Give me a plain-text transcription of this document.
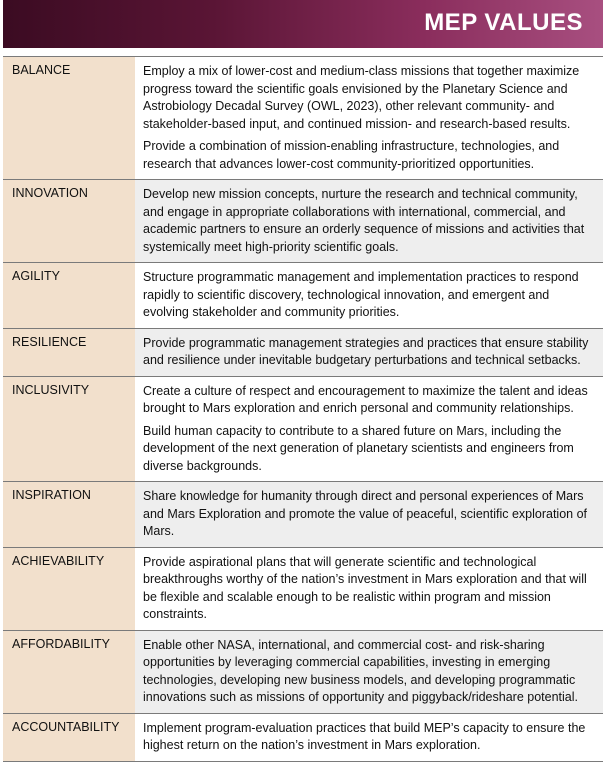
MEP VALUES
BALANCE	Employ a mix of lower-cost and medium-class missions that together maximize progress toward the scientific goals envisioned by the Planetary Science and Astrobiology Decadal Survey (OWL, 2023), other relevant community- and stakeholder-based input, and continued mission- and research-based results.

Provide a combination of mission-enabling infrastructure, technologies, and research that advances lower-cost community-prioritized opportunities.

INNOVATION	Develop new mission concepts, nurture the research and technical community, and engage in appropriate collaborations with international, commercial, and academic partners to ensure an orderly sequence of missions and activities that systemically meet high-priority scientific goals.

AGILITY	Structure programmatic management and implementation practices to respond rapidly to scientific discovery, technological innovation, and emergent and evolving stakeholder and community priorities.

RESILIENCE	Provide programmatic management strategies and practices that ensure stability and resilience under inevitable budgetary perturbations and technical setbacks.

INCLUSIVITY	Create a culture of respect and encouragement to maximize the talent and ideas brought to Mars exploration and enrich personal and community relationships.

Build human capacity to contribute to a shared future on Mars, including the development of the next generation of planetary scientists and engineers from diverse backgrounds.

INSPIRATION	Share knowledge for humanity through direct and personal experiences of Mars and Mars Exploration and promote the value of peaceful, scientific exploration of Mars.

ACHIEVABILITY	Provide aspirational plans that will generate scientific and technological breakthroughs worthy of the nation’s investment in Mars exploration and that will be flexible and scalable enough to be realistic within program and mission constraints.

AFFORDABILITY	Enable other NASA, international, and commercial cost- and risk-sharing opportunities by leveraging commercial capabilities, investing in emerging technologies, developing new business models, and developing programmatic innovations such as missions of opportunity and piggyback/rideshare potential.

ACCOUNTABILITY	Implement program-evaluation practices that build MEP’s capacity to ensure the highest return on the nation’s investment in Mars exploration.
